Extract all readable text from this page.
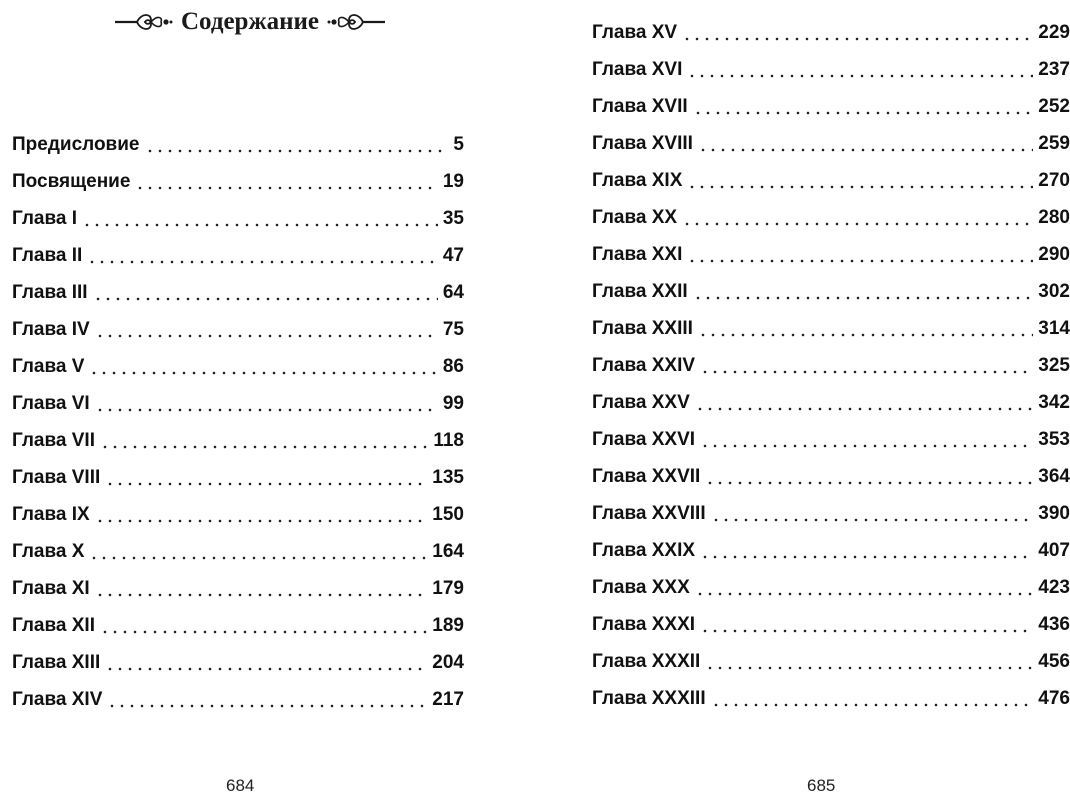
Содержание
Предисловие	5
Посвящение	19
Глава I	35
Глава II	47
Глава III	64
Глава IV	75
Глава V	86
Глава VI	99
Глава VII	118
Глава VIII	135
Глава IX	150
Глава X	164
Глава XI	179
Глава XII	189
Глава XIII	204
Глава XIV	217
684
Глава XV	229
Глава XVI	237
Глава XVII	252
Глава XVIII	259
Глава XIX	270
Глава XX	280
Глава XXI	290
Глава XXII	302
Глава XXIII	314
Глава XXIV	325
Глава XXV	342
Глава XXVI	353
Глава XXVII	364
Глава XXVIII	390
Глава XXIX	407
Глава XXX	423
Глава XXXI	436
Глава XXXII	456
Глава XXXIII	476
685
